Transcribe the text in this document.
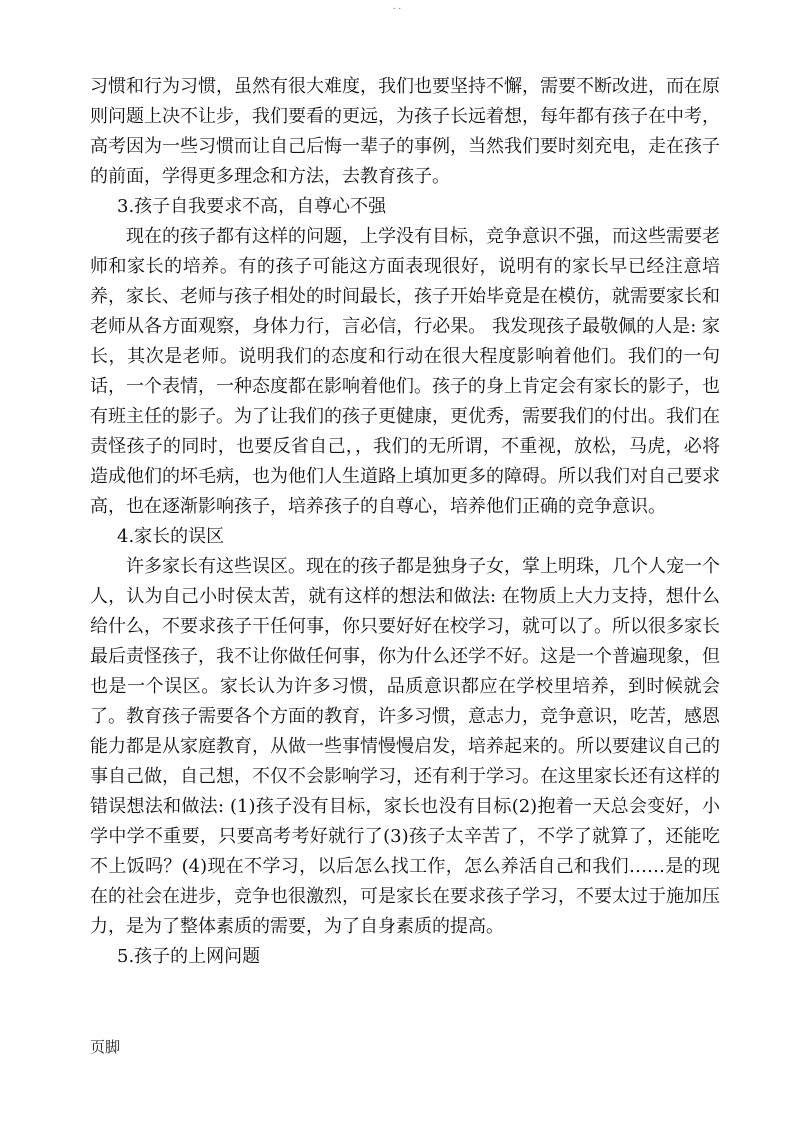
. .

习惯和行为习惯，虽然有很大难度，我们也要坚持不懈，需要不断改进，而在原则问题上决不让步，我们要看的更远，为孩子长远着想，每年都有孩子在中考，高考因为一些习惯而让自己后悔一辈子的事例，当然我们要时刻充电，走在孩子的前面，学得更多理念和方法，去教育孩子。

3.孩子自我要求不高，自尊心不强

现在的孩子都有这样的问题，上学没有目标，竞争意识不强，而这些需要老师和家长的培养。有的孩子可能这方面表现很好，说明有的家长早已经注意培养，家长、老师与孩子相处的时间最长，孩子开始毕竟是在模仿，就需要家长和老师从各方面观察，身体力行，言必信，行必果。 我发现孩子最敬佩的人是: 家长，其次是老师。说明我们的态度和行动在很大程度影响着他们。我们的一句话，一个表情，一种态度都在影响着他们。孩子的身上肯定会有家长的影子，也有班主任的影子。为了让我们的孩子更健康，更优秀，需要我们的付出。我们在责怪孩子的同时，也要反省自己，，我们的无所谓，不重视，放松，马虎，必将造成他们的坏毛病，也为他们人生道路上填加更多的障碍。所以我们对自己要求高，也在逐渐影响孩子，培养孩子的自尊心，培养他们正确的竞争意识。

4.家长的误区

许多家长有这些误区。现在的孩子都是独身子女，掌上明珠，几个人宠一个人，认为自己小时侯太苦，就有这样的想法和做法: 在物质上大力支持，想什么给什么，不要求孩子干任何事，你只要好好在校学习，就可以了。所以很多家长最后责怪孩子，我不让你做任何事，你为什么还学不好。这是一个普遍现象，但也是一个误区。家长认为许多习惯，品质意识都应在学校里培养，到时候就会了。教育孩子需要各个方面的教育，许多习惯，意志力，竞争意识，吃苦，感恩能力都是从家庭教育，从做一些事情慢慢启发，培养起来的。所以要建议自己的事自己做，自己想，不仅不会影响学习，还有利于学习。在这里家长还有这样的错误想法和做法: (1)孩子没有目标，家长也没有目标(2)抱着一天总会变好，小学中学不重要，只要高考考好就行了(3)孩子太辛苦了，不学了就算了，还能吃不上饭吗？(4)现在不学习，以后怎么找工作，怎么养活自己和我们……是的现在的社会在进步，竞争也很激烈，可是家长在要求孩子学习，不要太过于施加压力，是为了整体素质的需要，为了自身素质的提高。

5.孩子的上网问题

页脚
